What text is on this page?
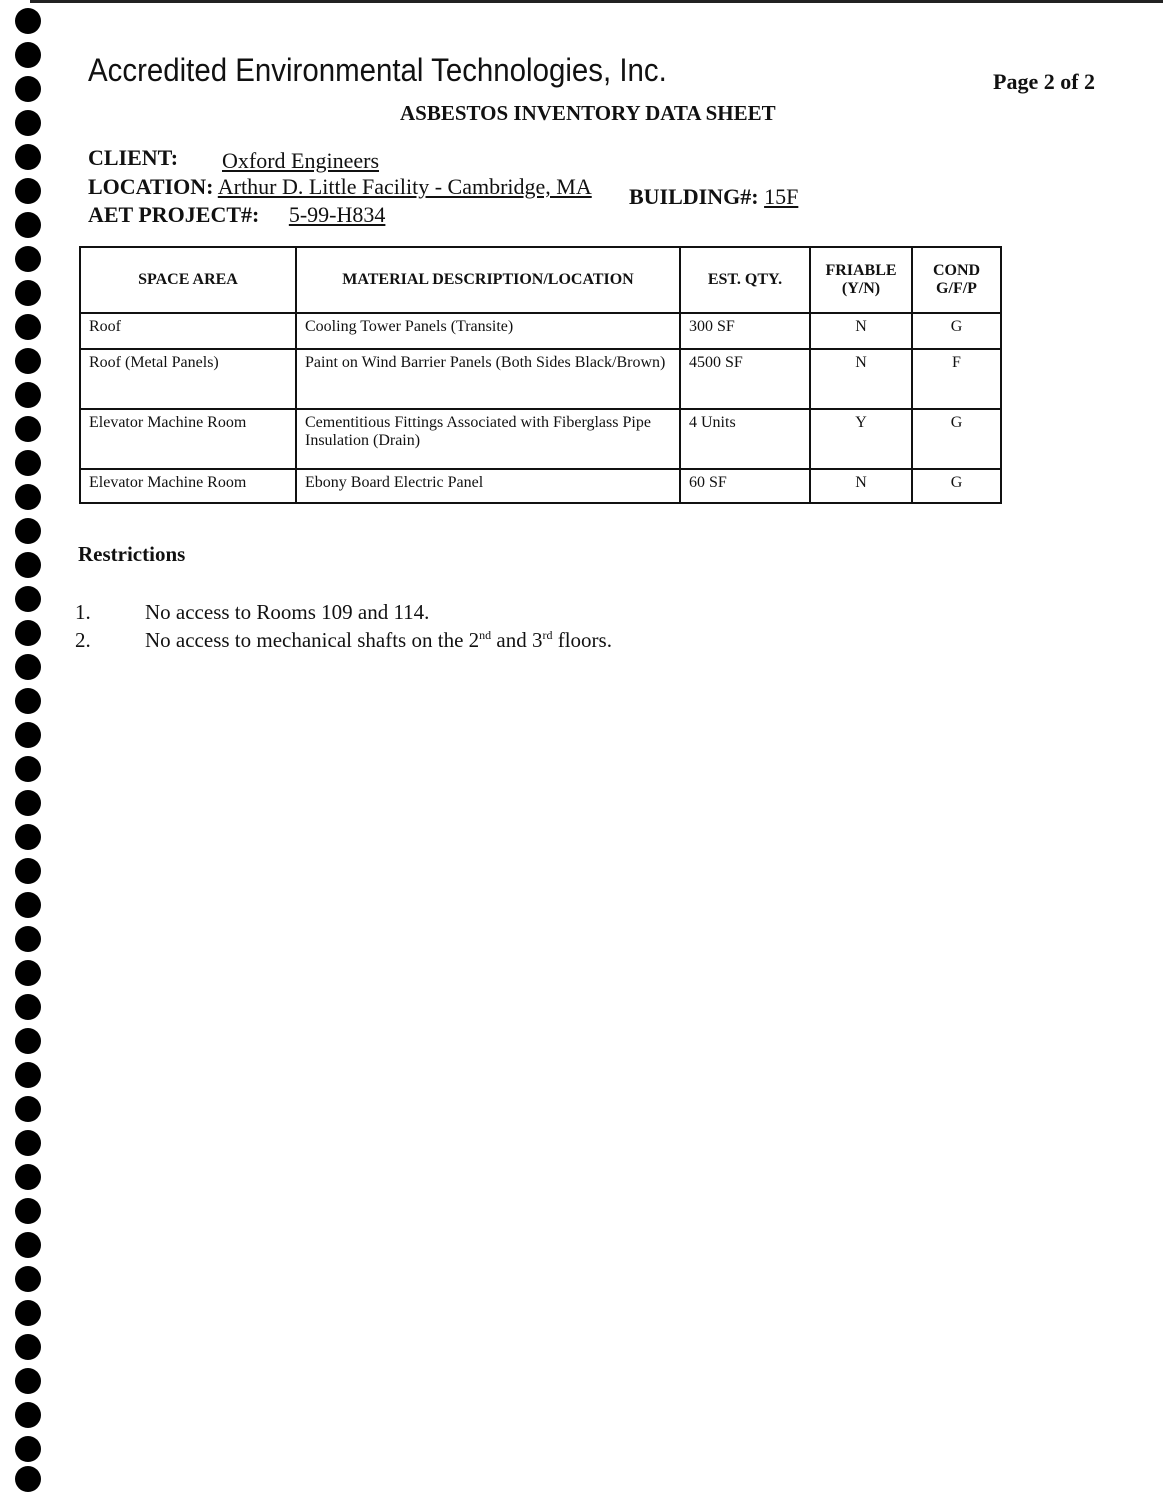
Accredited Environmental Technologies, Inc.	Page 2 of 2
ASBESTOS INVENTORY DATA SHEET
CLIENT: Oxford Engineers
LOCATION: Arthur D. Little Facility - Cambridge, MA BUILDING#: 15F
AET PROJECT#: 5-99-H834
SPACE AREA	MATERIAL DESCRIPTION/LOCATION	EST. QTY.	FRIABLE (Y/N)	COND G/F/P
Roof	Cooling Tower Panels (Transite)	300 SF	N	G
Roof (Metal Panels)	Paint on Wind Barrier Panels (Both Sides Black/Brown)	4500 SF	N	F
Elevator Machine Room	Cementitious Fittings Associated with Fiberglass Pipe Insulation (Drain)	4 Units	Y	G
Elevator Machine Room	Ebony Board Electric Panel	60 SF	N	G
Restrictions
1.	No access to Rooms 109 and 114.
2.	No access to mechanical shafts on the 2nd and 3rd floors.
